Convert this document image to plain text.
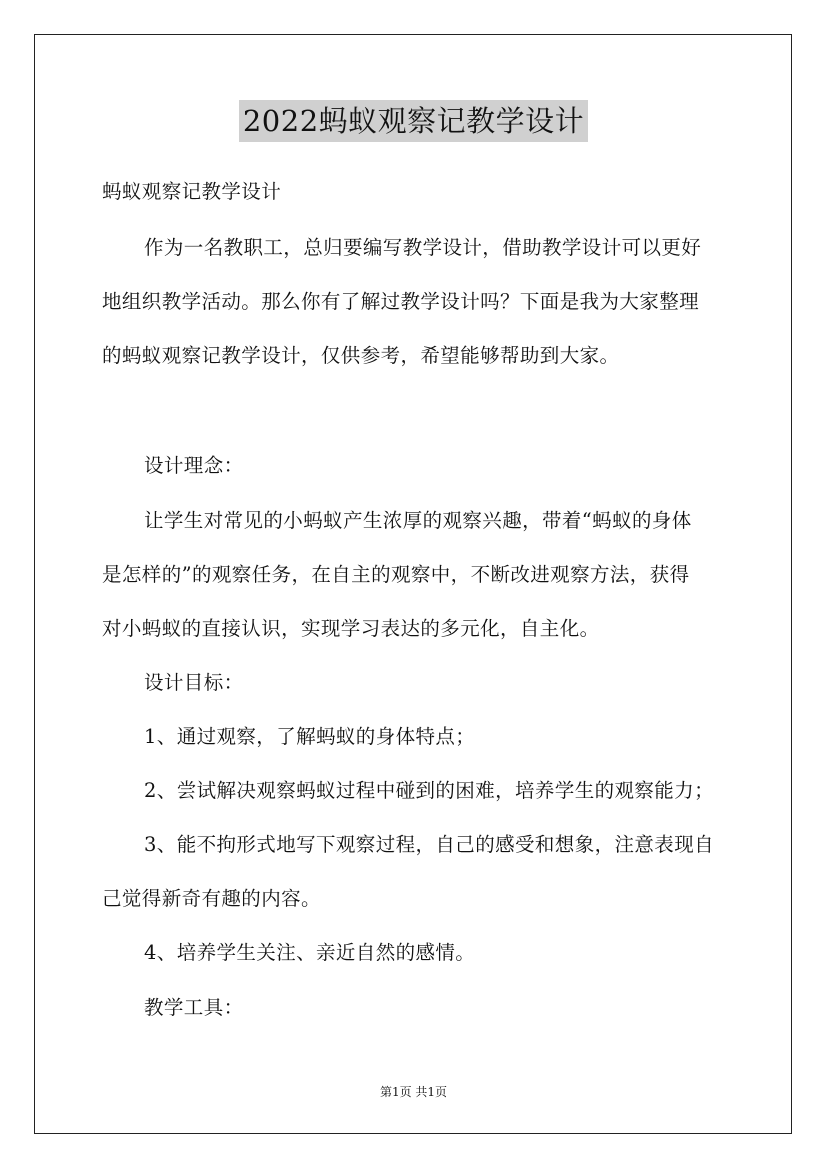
2022蚂蚁观察记教学设计
蚂蚁观察记教学设计
作为一名教职工，总归要编写教学设计，借助教学设计可以更好
地组织教学活动。那么你有了解过教学设计吗？下面是我为大家整理
的蚂蚁观察记教学设计，仅供参考，希望能够帮助到大家。
设计理念：
让学生对常见的小蚂蚁产生浓厚的观察兴趣，带着“蚂蚁的身体
是怎样的”的观察任务，在自主的观察中，不断改进观察方法，获得
对小蚂蚁的直接认识，实现学习表达的多元化，自主化。
设计目标：
1、通过观察，了解蚂蚁的身体特点；
2、尝试解决观察蚂蚁过程中碰到的困难，培养学生的观察能力；
3、能不拘形式地写下观察过程，自己的感受和想象，注意表现自
己觉得新奇有趣的内容。
4、培养学生关注、亲近自然的感情。
教学工具：
第1页 共1页
